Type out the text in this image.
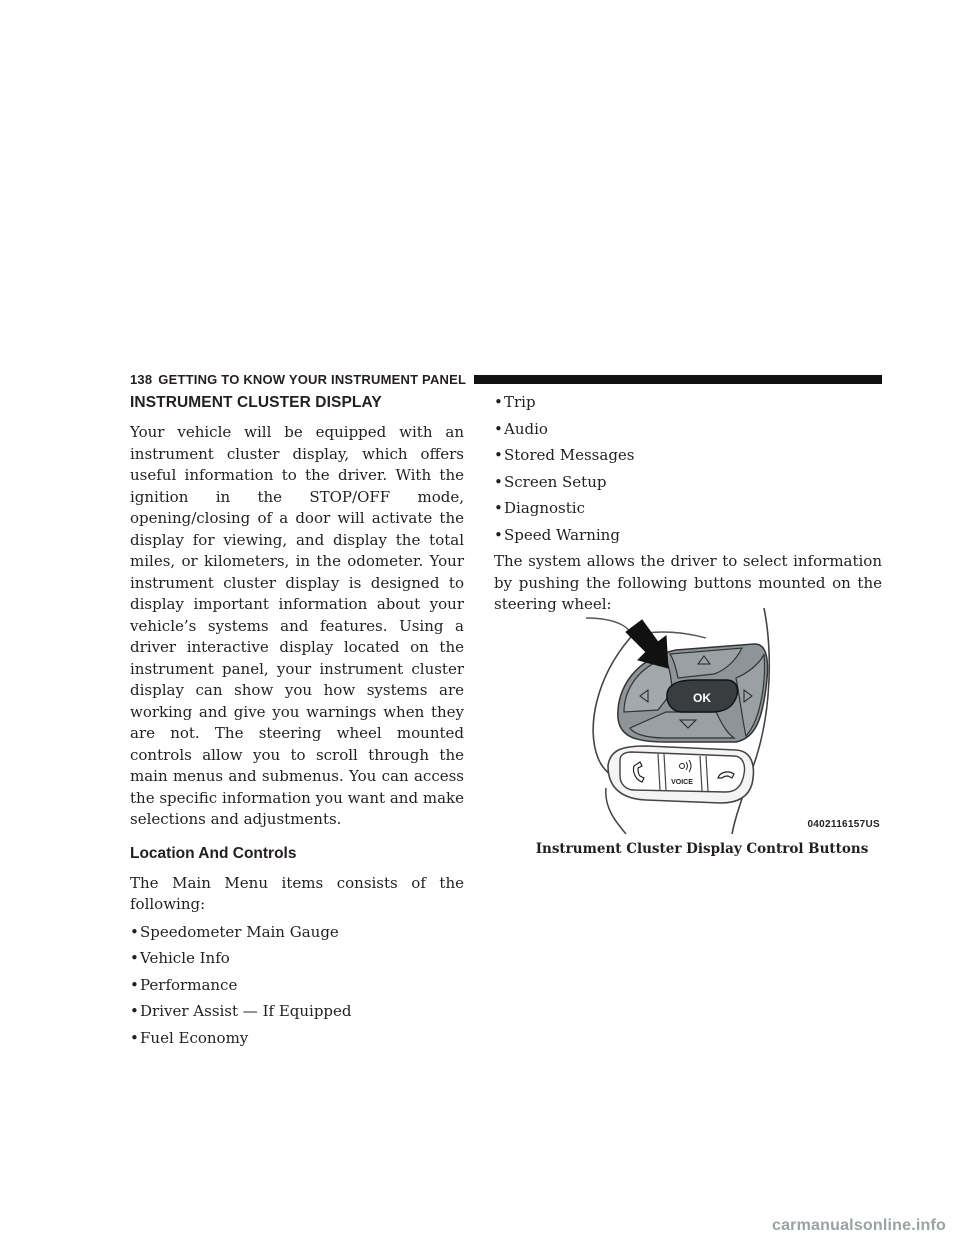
138 GETTING TO KNOW YOUR INSTRUMENT PANEL
INSTRUMENT CLUSTER DISPLAY

Your vehicle will be equipped with an instrument cluster display, which offers useful information to the driver. With the ignition in the STOP/OFF mode, opening/closing of a door will activate the display for viewing, and display the total miles, or kilometers, in the odometer. Your instrument cluster display is designed to display important information about your vehicle’s systems and features. Using a driver interactive display located on the instrument panel, your instrument cluster display can show you how systems are working and give you warnings when they are not. The steering wheel mounted controls allow you to scroll through the main menus and submenus. You can access the specific information you want and make selections and adjustments.

Location And Controls

The Main Menu items consists of the following:

• Speedometer Main Gauge
• Vehicle Info
• Performance
• Driver Assist — If Equipped
• Fuel Economy
• Trip
• Audio
• Stored Messages
• Screen Setup
• Diagnostic
• Speed Warning

The system allows the driver to select information by pushing the following buttons mounted on the steering wheel:

OK
VOICE
0402116157US
Instrument Cluster Display Control Buttons
carmanualsonline.info
